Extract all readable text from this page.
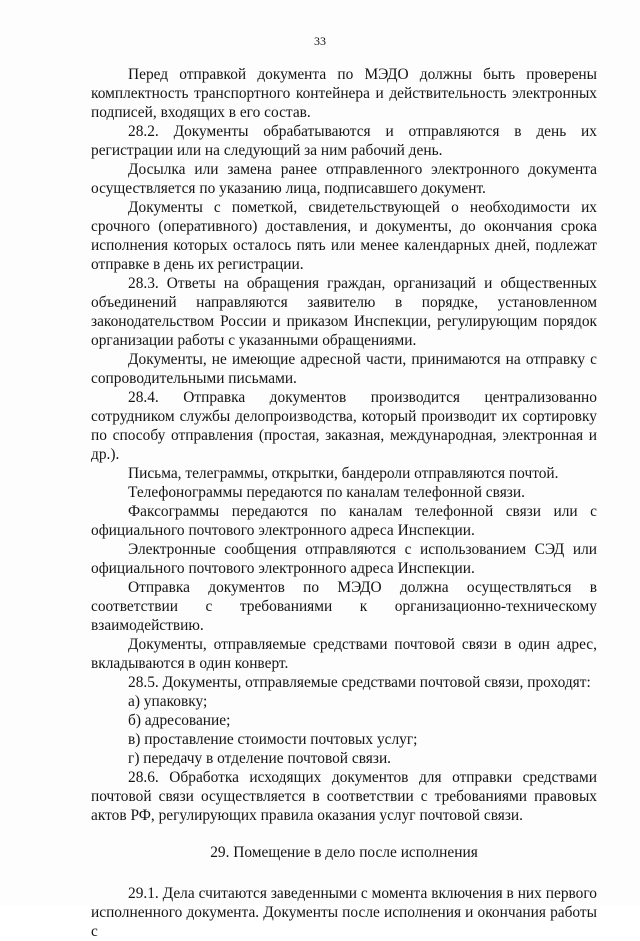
33

Перед отправкой документа по МЭДО должны быть проверены комплектность транспортного контейнера и действительность электронных подписей, входящих в его состав.

28.2. Документы обрабатываются и отправляются в день их регистрации или на следующий за ним рабочий день.

Досылка или замена ранее отправленного электронного документа осуществляется по указанию лица, подписавшего документ.

Документы с пометкой, свидетельствующей о необходимости их срочного (оперативного) доставления, и документы, до окончания срока исполнения которых осталось пять или менее календарных дней, подлежат отправке в день их регистрации.

28.3. Ответы на обращения граждан, организаций и общественных объединений направляются заявителю в порядке, установленном законодательством России и приказом Инспекции, регулирующим порядок организации работы с указанными обращениями.

Документы, не имеющие адресной части, принимаются на отправку с сопроводительными письмами.

28.4. Отправка документов производится централизованно сотрудником службы делопроизводства, который производит их сортировку по способу отправления (простая, заказная, международная, электронная и др.).

Письма, телеграммы, открытки, бандероли отправляются почтой.

Телефонограммы передаются по каналам телефонной связи.

Факсограммы передаются по каналам телефонной связи или с официального почтового электронного адреса Инспекции.

Электронные сообщения отправляются с использованием СЭД или официального почтового электронного адреса Инспекции.

Отправка документов по МЭДО должна осуществляться в соответствии с требованиями к организационно-техническому взаимодействию.

Документы, отправляемые средствами почтовой связи в один адрес, вкладываются в один конверт.

28.5. Документы, отправляемые средствами почтовой связи, проходят:

а) упаковку;

б) адресование;

в) проставление стоимости почтовых услуг;

г) передачу в отделение почтовой связи.

28.6. Обработка исходящих документов для отправки средствами почтовой связи осуществляется в соответствии с требованиями правовых актов РФ, регулирующих правила оказания услуг почтовой связи.

29. Помещение в дело после исполнения

29.1. Дела считаются заведенными с момента включения в них первого исполненного документа. Документы после исполнения и окончания работы с
